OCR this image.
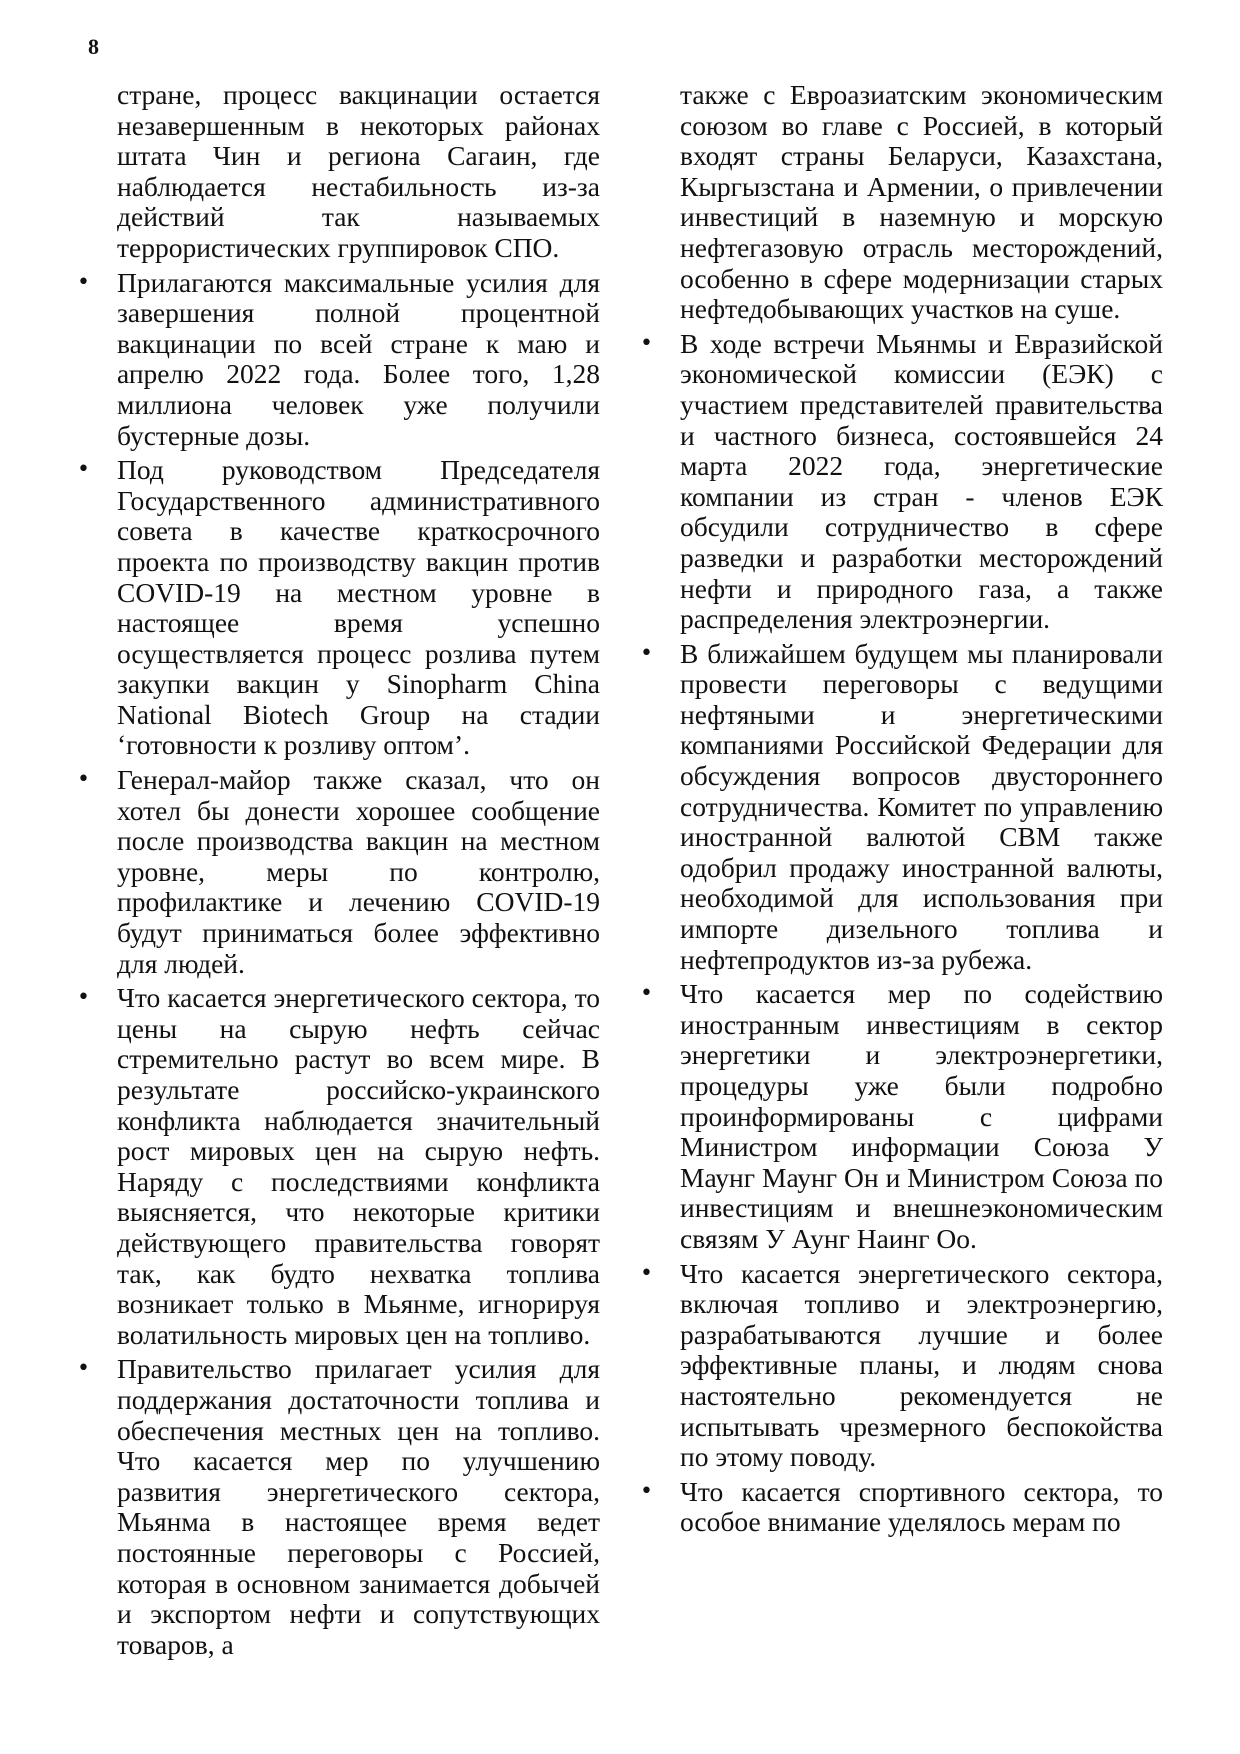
8

стране, процесс вакцинации остается незавершенным в некоторых районах штата Чин и региона Сагаин, где наблюдается нестабильность из-за действий так называемых террористических группировок СПО.

• Прилагаются максимальные усилия для завершения полной процентной вакцинации по всей стране к маю и апрелю 2022 года. Более того, 1,28 миллиона человек уже получили бустерные дозы.

• Под руководством Председателя Государственного административного совета в качестве краткосрочного проекта по производству вакцин против COVID-19 на местном уровне в настоящее время успешно осуществляется процесс розлива путем закупки вакцин у Sinopharm China National Biotech Group на стадии ‘готовности к розливу оптом’.

• Генерал-майор также сказал, что он хотел бы донести хорошее сообщение после производства вакцин на местном уровне, меры по контролю, профилактике и лечению COVID-19 будут приниматься более эффективно для людей.

• Что касается энергетического сектора, то цены на сырую нефть сейчас стремительно растут во всем мире. В результате российско-украинского конфликта наблюдается значительный рост мировых цен на сырую нефть. Наряду с последствиями конфликта выясняется, что некоторые критики действующего правительства говорят так, как будто нехватка топлива возникает только в Мьянме, игнорируя волатильность мировых цен на топливо.

• Правительство прилагает усилия для поддержания достаточности топлива и обеспечения местных цен на топливо. Что касается мер по улучшению развития энергетического сектора, Мьянма в настоящее время ведет постоянные переговоры с Россией, которая в основном занимается добычей и экспортом нефти и сопутствующих товаров, а

также с Евроазиатским экономическим союзом во главе с Россией, в который входят страны Беларуси, Казахстана, Кыргызстана и Армении, о привлечении инвестиций в наземную и морскую нефтегазовую отрасль месторождений, особенно в сфере модернизации старых нефтедобывающих участков на суше.

• В ходе встречи Мьянмы и Евразийской экономической комиссии (ЕЭК) с участием представителей правительства и частного бизнеса, состоявшейся 24 марта 2022 года, энергетические компании из стран - членов ЕЭК обсудили сотрудничество в сфере разведки и разработки месторождений нефти и природного газа, а также распределения электроэнергии.

• В ближайшем будущем мы планировали провести переговоры с ведущими нефтяными и энергетическими компаниями Российской Федерации для обсуждения вопросов двустороннего сотрудничества. Комитет по управлению иностранной валютой CBM также одобрил продажу иностранной валюты, необходимой для использования при импорте дизельного топлива и нефтепродуктов из-за рубежа.

• Что касается мер по содействию иностранным инвестициям в сектор энергетики и электроэнергетики, процедуры уже были подробно проинформированы с цифрами Министром информации Союза У Маунг Маунг Он и Министром Союза по инвестициям и внешнеэкономическим связям У Аунг Наинг Оо.

• Что касается энергетического сектора, включая топливо и электроэнергию, разрабатываются лучшие и более эффективные планы, и людям снова настоятельно рекомендуется не испытывать чрезмерного беспокойства по этому поводу.

• Что касается спортивного сектора, то особое внимание уделялось мерам по
